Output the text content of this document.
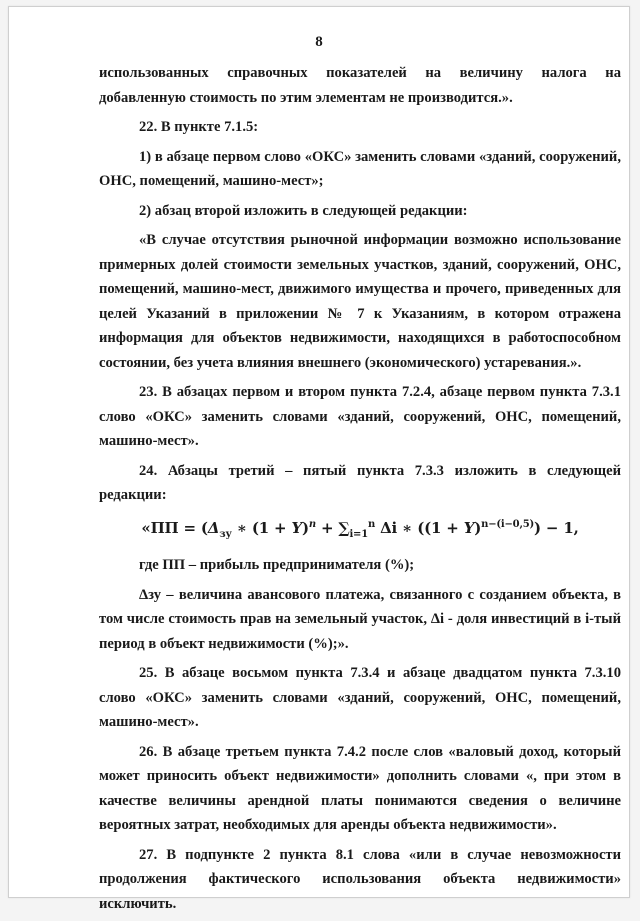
8

использованных справочных показателей на величину налога на добавленную стоимость по этим элементам не производится.».

22. В пункте 7.1.5:

1) в абзаце первом слово «ОКС» заменить словами «зданий, сооружений, ОНС, помещений, машино-мест»;

2) абзац второй изложить в следующей редакции:

«В случае отсутствия рыночной информации возможно использование примерных долей стоимости земельных участков, зданий, сооружений, ОНС, помещений, машино-мест, движимого имущества и прочего, приведенных для целей Указаний в приложении № 7 к Указаниям, в котором отражена информация для объектов недвижимости, находящихся в работоспособном состоянии, без учета влияния внешнего (экономического) устаревания.».

23. В абзацах первом и втором пункта 7.2.4, абзаце первом пункта 7.3.1 слово «ОКС» заменить словами «зданий, сооружений, ОНС, помещений, машино-мест».

24. Абзацы третий – пятый пункта 7.3.3 изложить в следующей редакции:

«ПП = ($\Delta_{зу}$ ∗ $(1 + Y)^n + \sum_{i=1}^n$ Δi ∗ $((1 + Y)^{n-(i-0,5)}) - 1$,

где ПП – прибыль предпринимателя (%);

Δзу – величина авансового платежа, связанного с созданием объекта, в том числе стоимость прав на земельный участок, Δi - доля инвестиций в i-тый период в объект недвижимости (%);».

25. В абзаце восьмом пункта 7.3.4 и абзаце двадцатом пункта 7.3.10 слово «ОКС» заменить словами «зданий, сооружений, ОНС, помещений, машино-мест».

26. В абзаце третьем пункта 7.4.2 после слов «валовый доход, который может приносить объект недвижимости» дополнить словами «, при этом в качестве величины арендной платы понимаются сведения о величине вероятных затрат, необходимых для аренды объекта недвижимости».

27. В подпункте 2 пункта 8.1 слова «или в случае невозможности продолжения фактического использования объекта недвижимости» исключить.
